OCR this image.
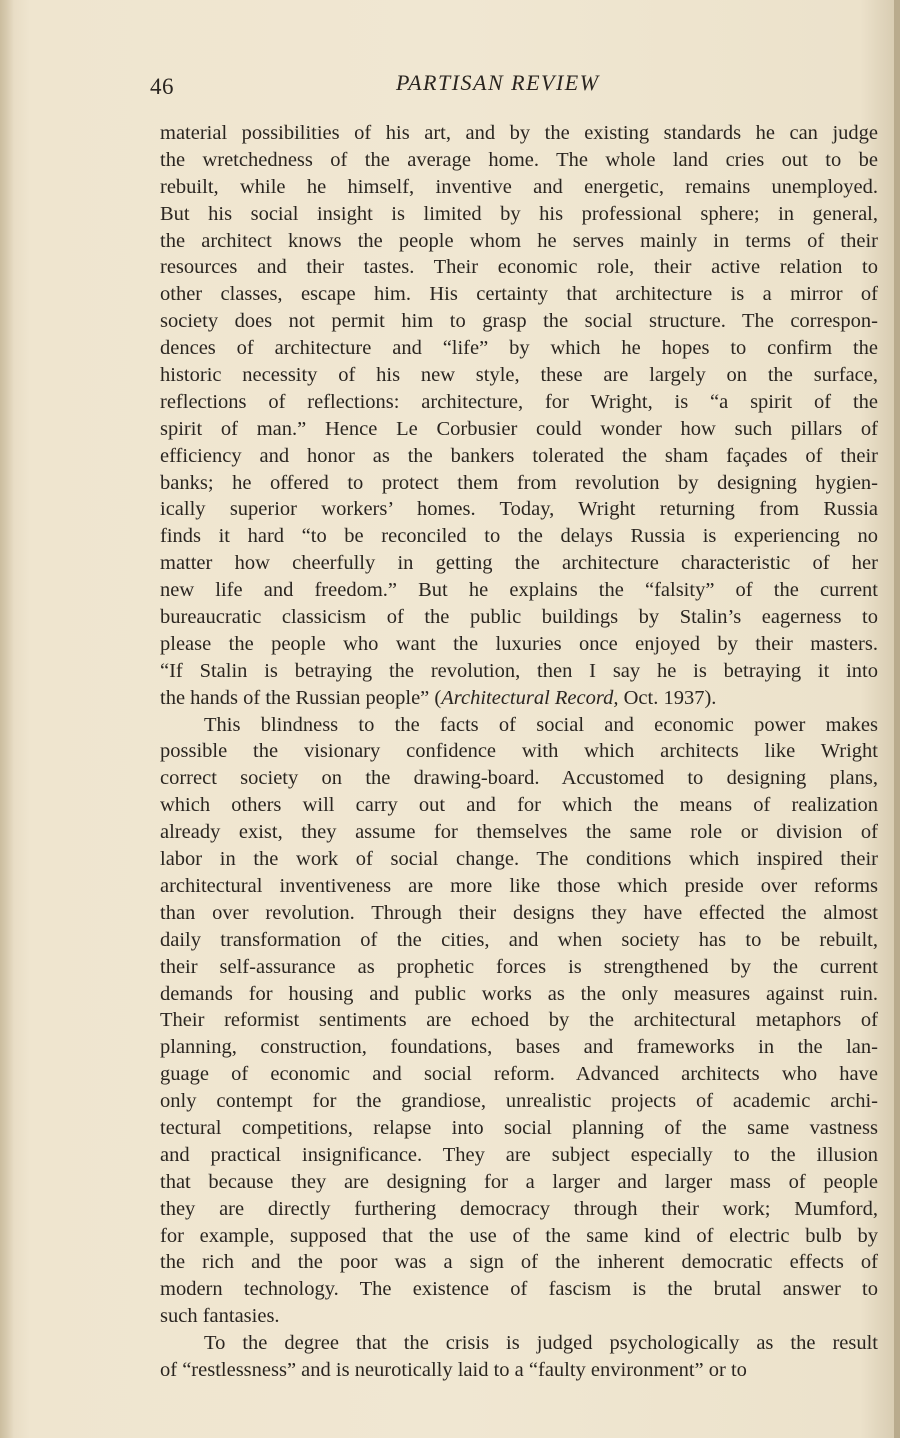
46	PARTISAN REVIEW
material possibilities of his art, and by the existing standards he can judge
the wretchedness of the average home. The whole land cries out to be
rebuilt, while he himself, inventive and energetic, remains unemployed.
But his social insight is limited by his professional sphere; in general,
the architect knows the people whom he serves mainly in terms of their
resources and their tastes. Their economic role, their active relation to
other classes, escape him. His certainty that architecture is a mirror of
society does not permit him to grasp the social structure. The correspon-
dences of architecture and “life” by which he hopes to confirm the
historic necessity of his new style, these are largely on the surface,
reflections of reflections: architecture, for Wright, is “a spirit of the
spirit of man.” Hence Le Corbusier could wonder how such pillars of
efficiency and honor as the bankers tolerated the sham façades of their
banks; he offered to protect them from revolution by designing hygien-
ically superior workers’ homes. Today, Wright returning from Russia
finds it hard “to be reconciled to the delays Russia is experiencing no
matter how cheerfully in getting the architecture characteristic of her
new life and freedom.” But he explains the “falsity” of the current
bureaucratic classicism of the public buildings by Stalin’s eagerness to
please the people who want the luxuries once enjoyed by their masters.
“If Stalin is betraying the revolution, then I say he is betraying it into
the hands of the Russian people” (Architectural Record, Oct. 1937).
This blindness to the facts of social and economic power makes
possible the visionary confidence with which architects like Wright
correct society on the drawing-board. Accustomed to designing plans,
which others will carry out and for which the means of realization
already exist, they assume for themselves the same role or division of
labor in the work of social change. The conditions which inspired their
architectural inventiveness are more like those which preside over reforms
than over revolution. Through their designs they have effected the almost
daily transformation of the cities, and when society has to be rebuilt,
their self-assurance as prophetic forces is strengthened by the current
demands for housing and public works as the only measures against ruin.
Their reformist sentiments are echoed by the architectural metaphors of
planning, construction, foundations, bases and frameworks in the lan-
guage of economic and social reform. Advanced architects who have
only contempt for the grandiose, unrealistic projects of academic archi-
tectural competitions, relapse into social planning of the same vastness
and practical insignificance. They are subject especially to the illusion
that because they are designing for a larger and larger mass of people
they are directly furthering democracy through their work; Mumford,
for example, supposed that the use of the same kind of electric bulb by
the rich and the poor was a sign of the inherent democratic effects of
modern technology. The existence of fascism is the brutal answer to
such fantasies.
To the degree that the crisis is judged psychologically as the result
of “restlessness” and is neurotically laid to a “faulty environment” or to
